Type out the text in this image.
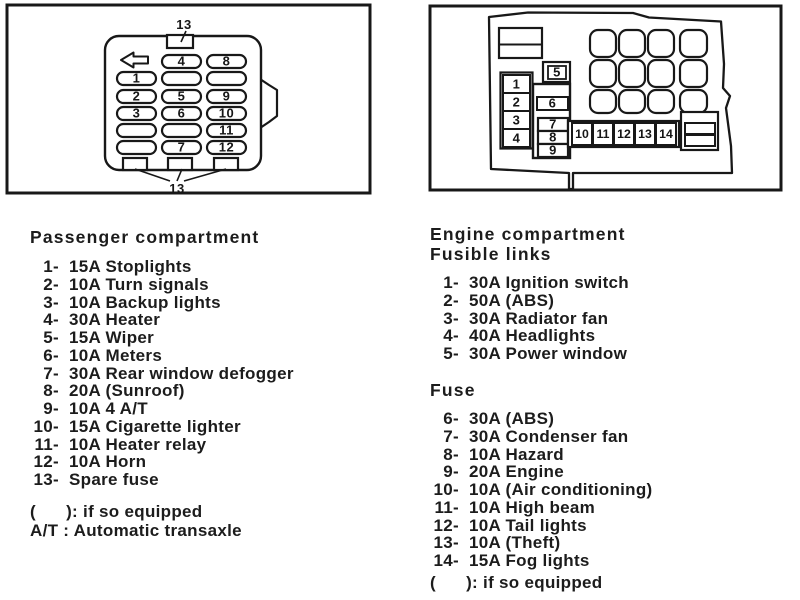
13
4	8
1
2	5	9
3	6	10
11
7	12
13
5
1
2
3
4
6
7
8
9
10 11 12 13 14
Passenger compartment
1- 15A Stoplights
2- 10A Turn signals
3- 10A Backup lights
4- 30A Heater
5- 15A Wiper
6- 10A Meters
7- 30A Rear window defogger
8- 20A (Sunroof)
9- 10A 4 A/T
10- 15A Cigarette lighter
11- 10A Heater relay
12- 10A Horn
13- Spare fuse
(      ): if so equipped
A/T : Automatic transaxle
Engine compartment
Fusible links
1- 30A Ignition switch
2- 50A (ABS)
3- 30A Radiator fan
4- 40A Headlights
5- 30A Power window
Fuse
6- 30A (ABS)
7- 30A Condenser fan
8- 10A Hazard
9- 20A Engine
10- 10A (Air conditioning)
11- 10A High beam
12- 10A Tail lights
13- 10A (Theft)
14- 15A Fog lights
(      ): if so equipped
